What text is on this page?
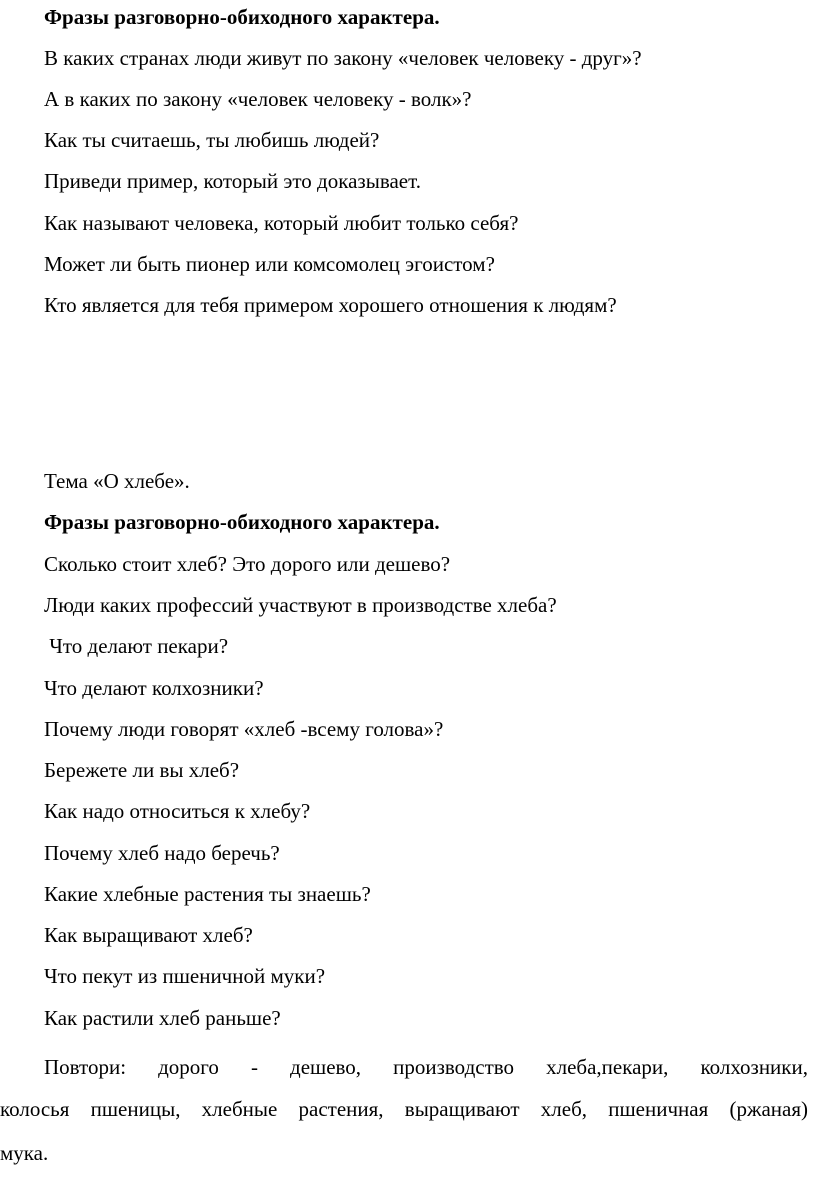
Фразы разговорно-обиходного характера.

В каких странах люди живут по закону «человек человеку - друг»?

А в каких по закону «человек человеку - волк»?

Как ты считаешь, ты любишь людей?

Приведи пример, который это доказывает.

Как называют человека, который любит только себя?

Может ли быть пионер или комсомолец эгоистом?

Кто является для тебя примером хорошего отношения к людям?

Тема «О хлебе».

Фразы разговорно-обиходного характера.

Сколько стоит хлеб? Это дорого или дешево?

Люди каких профессий участвуют в производстве хлеба?

Что делают пекари?

Что делают колхозники?

Почему люди говорят «хлеб -всему голова»?

Бережете ли вы хлеб?

Как надо относиться к хлебу?

Почему хлеб надо беречь?

Какие хлебные растения ты знаешь?

Как выращивают хлеб?

Что пекут из пшеничной муки?

Как растили хлеб раньше?

Повтори: дорого - дешево, производство хлеба,пекари, колхозники,

колосья пшеницы, хлебные растения, выращивают хлеб, пшеничная (ржаная)

мука.
